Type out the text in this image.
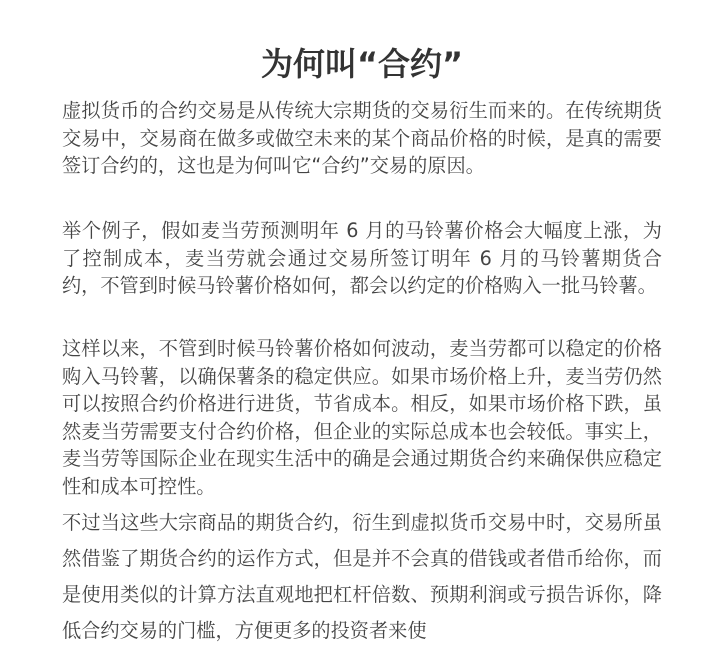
为何叫“合约”

虚拟货币的合约交易是从传统大宗期货的交易衍生而来的。在传统期货交易中，交易商在做多或做空未来的某个商品价格的时候，是真的需要签订合约的，这也是为何叫它“合约”交易的原因。

举个例子，假如麦当劳预测明年 6 月的马铃薯价格会大幅度上涨，为了控制成本，麦当劳就会通过交易所签订明年 6 月的马铃薯期货合约，不管到时候马铃薯价格如何，都会以约定的价格购入一批马铃薯。

这样以来，不管到时候马铃薯价格如何波动，麦当劳都可以稳定的价格购入马铃薯，以确保薯条的稳定供应。如果市场价格上升，麦当劳仍然可以按照合约价格进行进货，节省成本。相反，如果市场价格下跌，虽然麦当劳需要支付合约价格，但企业的实际总成本也会较低。事实上，麦当劳等国际企业在现实生活中的确是会通过期货合约来确保供应稳定性和成本可控性。

不过当这些大宗商品的期货合约，衍生到虚拟货币交易中时，交易所虽然借鉴了期货合约的运作方式，但是并不会真的借钱或者借币给你，而是使用类似的计算方法直观地把杠杆倍数、预期利润或亏损告诉你，降低合约交易的门槛，方便更多的投资者来使
